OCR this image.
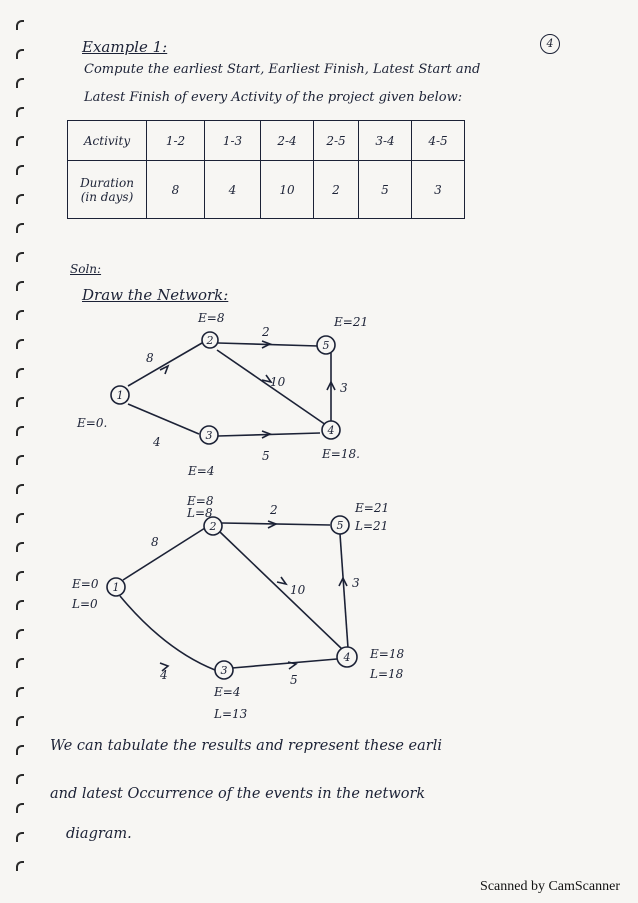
Example 1:	4
Compute the earliest Start, Earliest Finish, Latest Start and
Latest Finish of every Activity of the project given below:
Activity	1-2	1-3	2-4	2-5	3-4	4-5

Duration
(in days)	8	4	10	2	5	3
Soln:
Draw the Network:
1
2
3	4
5
8
4
2
10
5
3
E=0.
E=8
E=4
E=18.
E=21
1
2
3
4
5
8
4
2
10
5
3
E=0
L=0
E=8
L=8
E=4
L=13
E=18
L=18
E=21
L=21
We can tabulate the results and represent these earli
and latest Occurrence of the events in the network
diagram.
Scanned by CamScanner
